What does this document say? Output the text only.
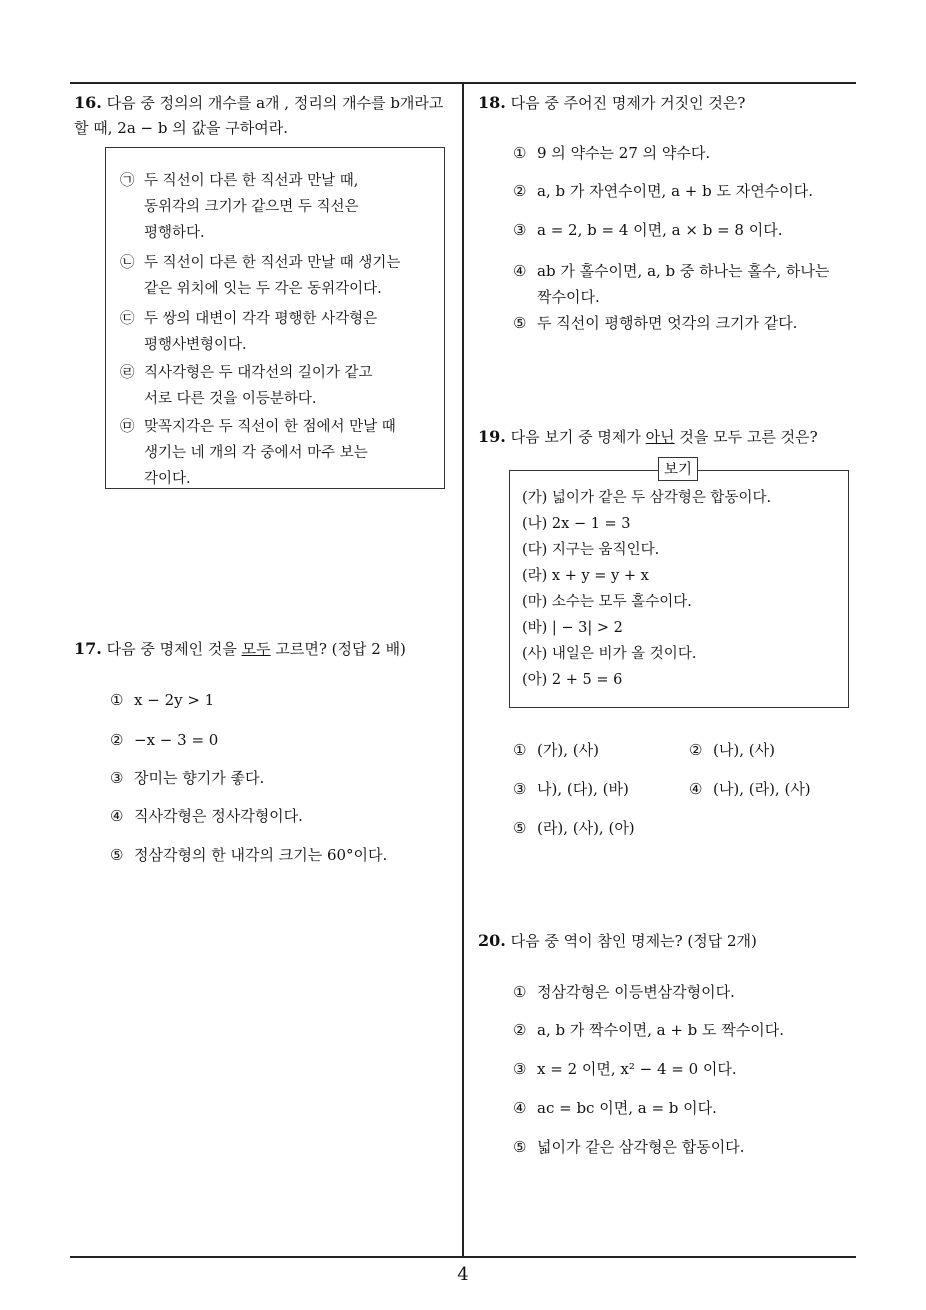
16. 다음 중 정의의 개수를 a개 , 정리의 개수를 b개라고
할 때, 2a − b 의 값을 구하여라.
㉠ 두 직선이 다른 한 직선과 만날 때,
동위각의 크기가 같으면 두 직선은
평행하다.
㉡ 두 직선이 다른 한 직선과 만날 때 생기는
같은 위치에 잇는 두 각은 동위각이다.
㉢ 두 쌍의 대변이 각각 평행한 사각형은
평행사변형이다.
㉣ 직사각형은 두 대각선의 길이가 같고
서로 다른 것을 이등분하다.
㉤ 맞꼭지각은 두 직선이 한 점에서 만날 때
생기는 네 개의 각 중에서 마주 보는
각이다.
17. 다음 중 명제인 것을 모두 고르면? (정답 2 배)
① x − 2y > 1
② −x − 3 = 0
③ 장미는 향기가 좋다.
④ 직사각형은 정사각형이다.
⑤ 정삼각형의 한 내각의 크기는 60°이다.
18. 다음 중 주어진 명제가 거짓인 것은?
① 9 의 약수는 27 의 약수다.
② a, b 가 자연수이면, a + b 도 자연수이다.
③ a = 2, b = 4 이면, a × b = 8 이다.
④ ab 가 홀수이면, a, b 중 하나는 홀수, 하나는
짝수이다.
⑤ 두 직선이 평행하면 엇각의 크기가 같다.
19. 다음 보기 중 명제가 아닌 것을 모두 고른 것은?
(가) 넓이가 같은 두 삼각형은 합동이다.
(나) 2x − 1 = 3
(다) 지구는 움직인다.
(라) x + y = y + x
(마) 소수는 모두 홀수이다.
(바) | − 3| > 2
(사) 내일은 비가 올 것이다.
(아) 2 + 5 = 6
보기
① (가), (사)	② (나), (사)
③ 나), (다), (바)	④ (나), (라), (사)
⑤ (라), (사), (아)
20. 다음 중 역이 참인 명제는? (정답 2개)
① 정삼각형은 이등변삼각형이다.
② a, b 가 짝수이면, a + b 도 짝수이다.
③ x = 2 이면, x² − 4 = 0 이다.
④ ac = bc 이면, a = b 이다.
⑤ 넓이가 같은 삼각형은 합동이다.
4
